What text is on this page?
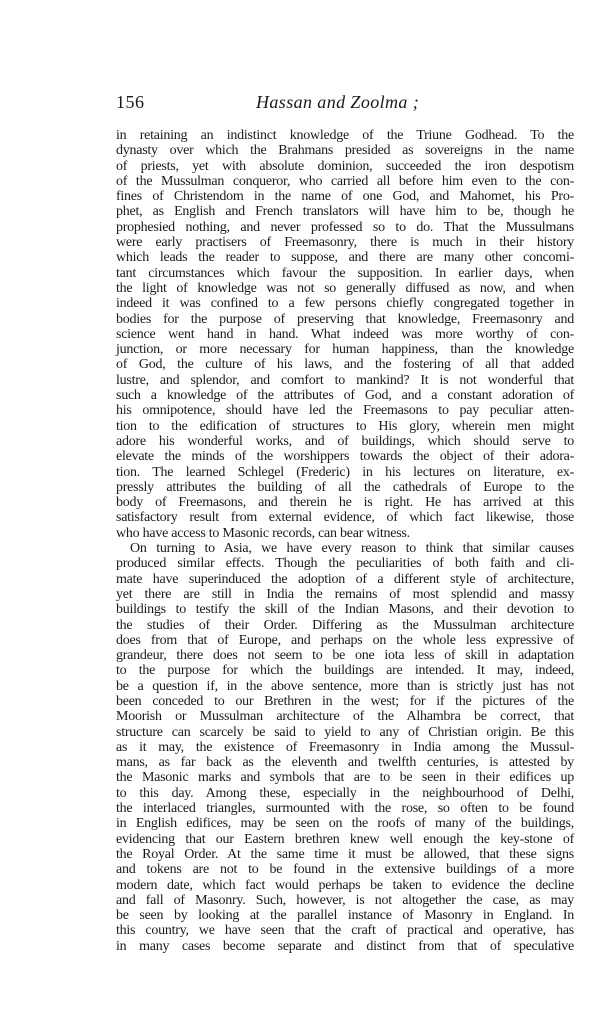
156	Hassan and Zoolma ;
in retaining an indistinct knowledge of the Triune Godhead. To the
dynasty over which the Brahmans presided as sovereigns in the name
of priests, yet with absolute dominion, succeeded the iron despotism
of the Mussulman conqueror, who carried all before him even to the con-
fines of Christendom in the name of one God, and Mahomet, his Pro-
phet, as English and French translators will have him to be, though he
prophesied nothing, and never professed so to do. That the Mussulmans
were early practisers of Freemasonry, there is much in their history
which leads the reader to suppose, and there are many other concomi-
tant circumstances which favour the supposition. In earlier days, when
the light of knowledge was not so generally diffused as now, and when
indeed it was confined to a few persons chiefly congregated together in
bodies for the purpose of preserving that knowledge, Freemasonry and
science went hand in hand. What indeed was more worthy of con-
junction, or more necessary for human happiness, than the knowledge
of God, the culture of his laws, and the fostering of all that added
lustre, and splendor, and comfort to mankind? It is not wonderful that
such a knowledge of the attributes of God, and a constant adoration of
his omnipotence, should have led the Freemasons to pay peculiar atten-
tion to the edification of structures to His glory, wherein men might
adore his wonderful works, and of buildings, which should serve to
elevate the minds of the worshippers towards the object of their adora-
tion. The learned Schlegel (Frederic) in his lectures on literature, ex-
pressly attributes the building of all the cathedrals of Europe to the
body of Freemasons, and therein he is right. He has arrived at this
satisfactory result from external evidence, of which fact likewise, those
who have access to Masonic records, can bear witness.
On turning to Asia, we have every reason to think that similar causes
produced similar effects. Though the peculiarities of both faith and cli-
mate have superinduced the adoption of a different style of architecture,
yet there are still in India the remains of most splendid and massy
buildings to testify the skill of the Indian Masons, and their devotion to
the studies of their Order. Differing as the Mussulman architecture
does from that of Europe, and perhaps on the whole less expressive of
grandeur, there does not seem to be one iota less of skill in adaptation
to the purpose for which the buildings are intended. It may, indeed,
be a question if, in the above sentence, more than is strictly just has not
been conceded to our Brethren in the west; for if the pictures of the
Moorish or Mussulman architecture of the Alhambra be correct, that
structure can scarcely be said to yield to any of Christian origin. Be this
as it may, the existence of Freemasonry in India among the Mussul-
mans, as far back as the eleventh and twelfth centuries, is attested by
the Masonic marks and symbols that are to be seen in their edifices up
to this day. Among these, especially in the neighbourhood of Delhi,
the interlaced triangles, surmounted with the rose, so often to be found
in English edifices, may be seen on the roofs of many of the buildings,
evidencing that our Eastern brethren knew well enough the key-stone of
the Royal Order. At the same time it must be allowed, that these signs
and tokens are not to be found in the extensive buildings of a more
modern date, which fact would perhaps be taken to evidence the decline
and fall of Masonry. Such, however, is not altogether the case, as may
be seen by looking at the parallel instance of Masonry in England. In
this country, we have seen that the craft of practical and operative, has
in many cases become separate and distinct from that of speculative
